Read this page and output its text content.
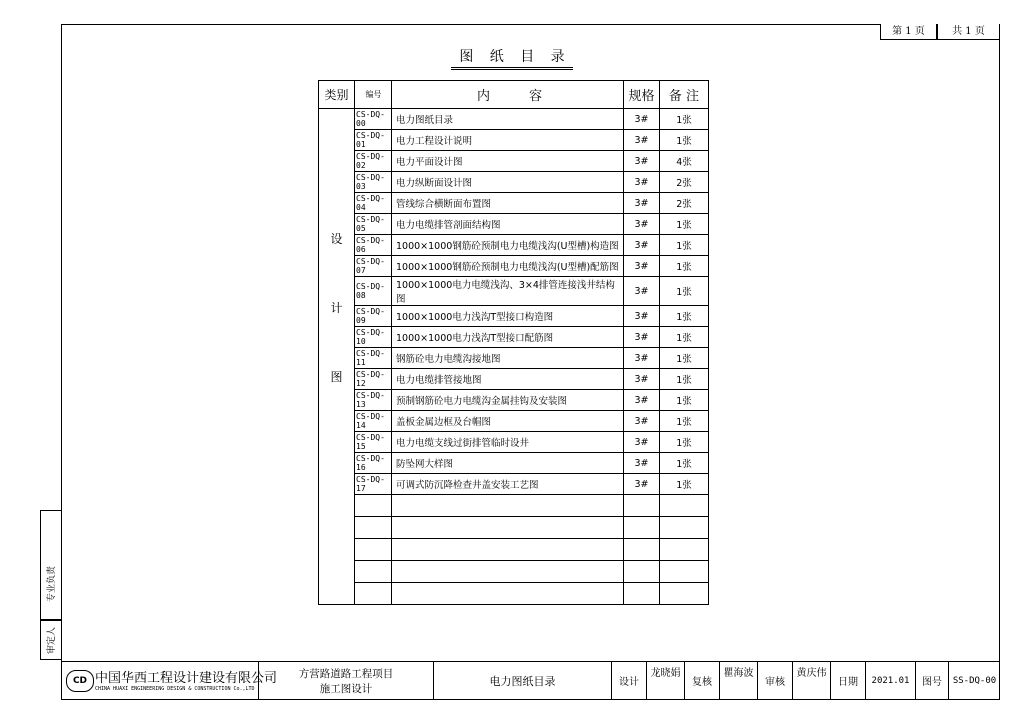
第 1 页	共 1 页
图 纸 目 录
类别	编号	内　　　容	规格	备 注

设
计
图	CS-DQ-00	电力图纸目录	3#	1张
	CS-DQ-01	电力工程设计说明	3#	1张
	CS-DQ-02	电力平面设计图	3#	4张
	CS-DQ-03	电力纵断面设计图	3#	2张
	CS-DQ-04	管线综合横断面布置图	3#	2张
	CS-DQ-05	电力电缆排管剖面结构图	3#	1张
	CS-DQ-06	1000×1000钢筋砼预制电力电缆浅沟(U型槽)构造图	3#	1张
	CS-DQ-07	1000×1000钢筋砼预制电力电缆浅沟(U型槽)配筋图	3#	1张
	CS-DQ-08	1000×1000电力电缆浅沟、3×4排管连接浅井结构图	3#	1张
	CS-DQ-09	1000×1000电力浅沟T型接口构造图	3#	1张
	CS-DQ-10	1000×1000电力浅沟T型接口配筋图	3#	1张
	CS-DQ-11	钢筋砼电力电缆沟接地图	3#	1张
	CS-DQ-12	电力电缆排管接地图	3#	1张
	CS-DQ-13	预制钢筋砼电力电缆沟金属挂钩及安装图	3#	1张
	CS-DQ-14	盖板金属边框及台帽图	3#	1张
	CS-DQ-15	电力电缆支线过街排管临时设井	3#	1张
	CS-DQ-16	防坠网大样图	3#	1张
	CS-DQ-17	可调式防沉降检查井盖安装工艺图	3#	1张

专业负责
审定人
CD 中国华西工程设计建设有限公司
CHINA HUAXI ENGINEERING DESIGN & CONSTRUCTION Co.,LTD
方营路道路工程项目
施工图设计
电力图纸目录	设计
龙晓娟
复核
瞿海波
审核
黄庆伟
日期	2021.01	图号	SS-DQ-00
